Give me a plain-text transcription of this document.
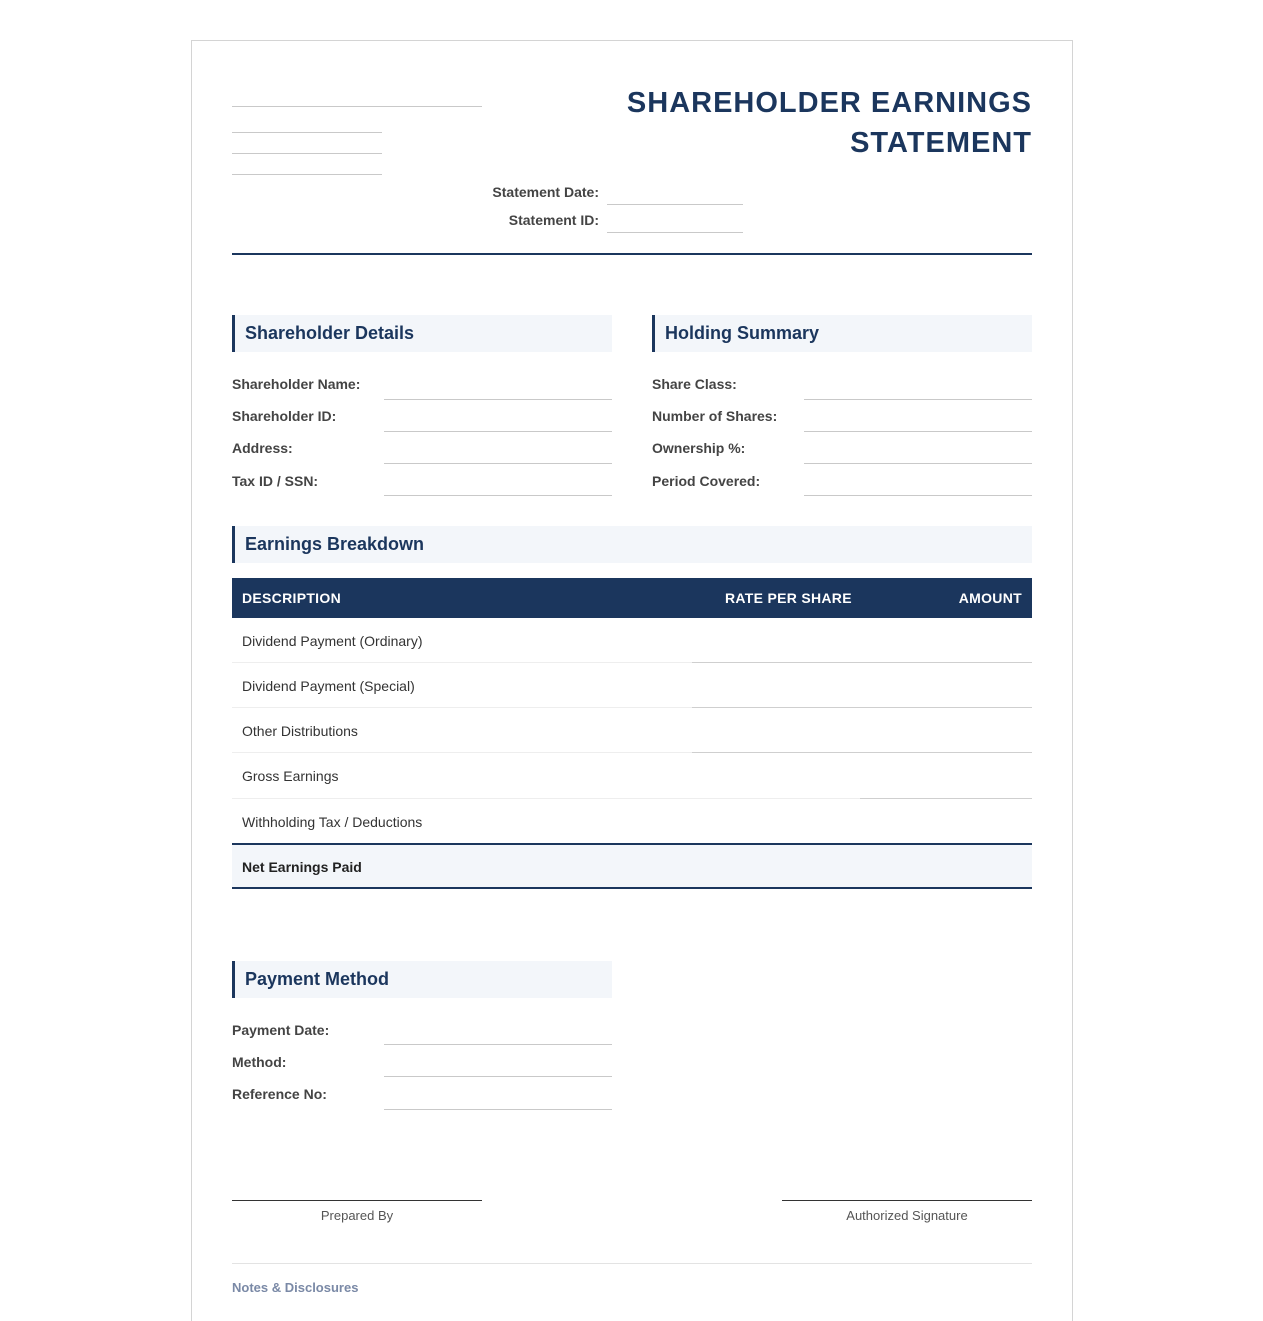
SHAREHOLDER EARNINGS
STATEMENT
Statement Date:
Statement ID:
Shareholder Details
Shareholder Name:
Shareholder ID:
Address:
Tax ID / SSN:
Holding Summary
Share Class:
Number of Shares:
Ownership %:
Period Covered:
Earnings Breakdown
DESCRIPTION	RATE PER SHARE	AMOUNT
Dividend Payment (Ordinary)
Dividend Payment (Special)
Other Distributions
Gross Earnings
Withholding Tax / Deductions
Net Earnings Paid
Payment Method
Payment Date:
Method:
Reference No:
Prepared By	Authorized Signature
Notes & Disclosures
